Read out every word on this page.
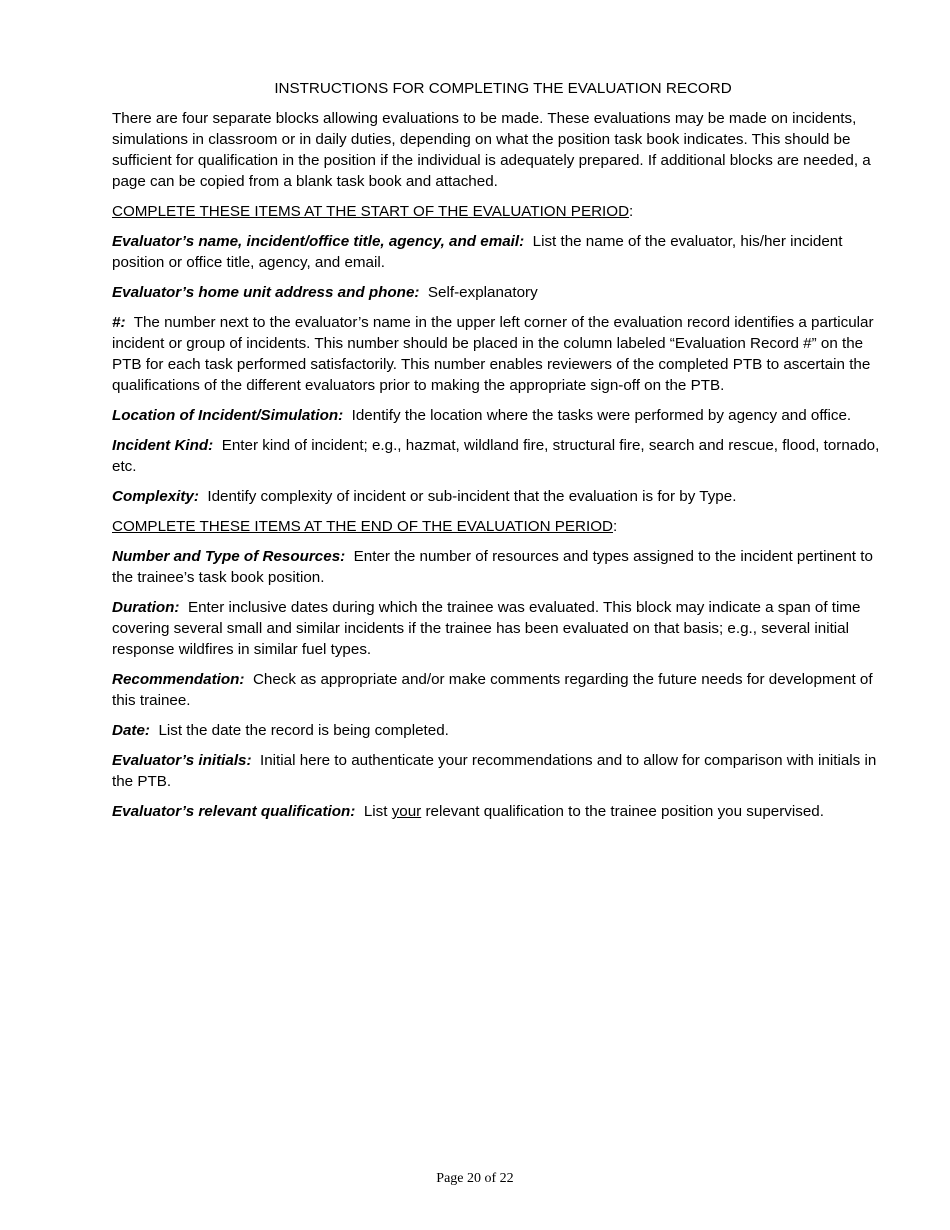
INSTRUCTIONS FOR COMPLETING THE EVALUATION RECORD

There are four separate blocks allowing evaluations to be made. These evaluations may be made on incidents, simulations in classroom or in daily duties, depending on what the position task book indicates. This should be sufficient for qualification in the position if the individual is adequately prepared. If additional blocks are needed, a page can be copied from a blank task book and attached.

COMPLETE THESE ITEMS AT THE START OF THE EVALUATION PERIOD:

Evaluator’s name, incident/office title, agency, and email: List the name of the evaluator, his/her incident position or office title, agency, and email.

Evaluator’s home unit address and phone: Self-explanatory

#: The number next to the evaluator’s name in the upper left corner of the evaluation record identifies a particular incident or group of incidents. This number should be placed in the column labeled “Evaluation Record #” on the PTB for each task performed satisfactorily. This number enables reviewers of the completed PTB to ascertain the qualifications of the different evaluators prior to making the appropriate sign-off on the PTB.

Location of Incident/Simulation: Identify the location where the tasks were performed by agency and office.

Incident Kind: Enter kind of incident; e.g., hazmat, wildland fire, structural fire, search and rescue, flood, tornado, etc.

Complexity: Identify complexity of incident or sub-incident that the evaluation is for by Type.

COMPLETE THESE ITEMS AT THE END OF THE EVALUATION PERIOD:

Number and Type of Resources: Enter the number of resources and types assigned to the incident pertinent to the trainee’s task book position.

Duration: Enter inclusive dates during which the trainee was evaluated. This block may indicate a span of time covering several small and similar incidents if the trainee has been evaluated on that basis; e.g., several initial response wildfires in similar fuel types.

Recommendation: Check as appropriate and/or make comments regarding the future needs for development of this trainee.

Date: List the date the record is being completed.

Evaluator’s initials: Initial here to authenticate your recommendations and to allow for comparison with initials in the PTB.

Evaluator’s relevant qualification: List your relevant qualification to the trainee position you supervised.

Page 20 of 22
